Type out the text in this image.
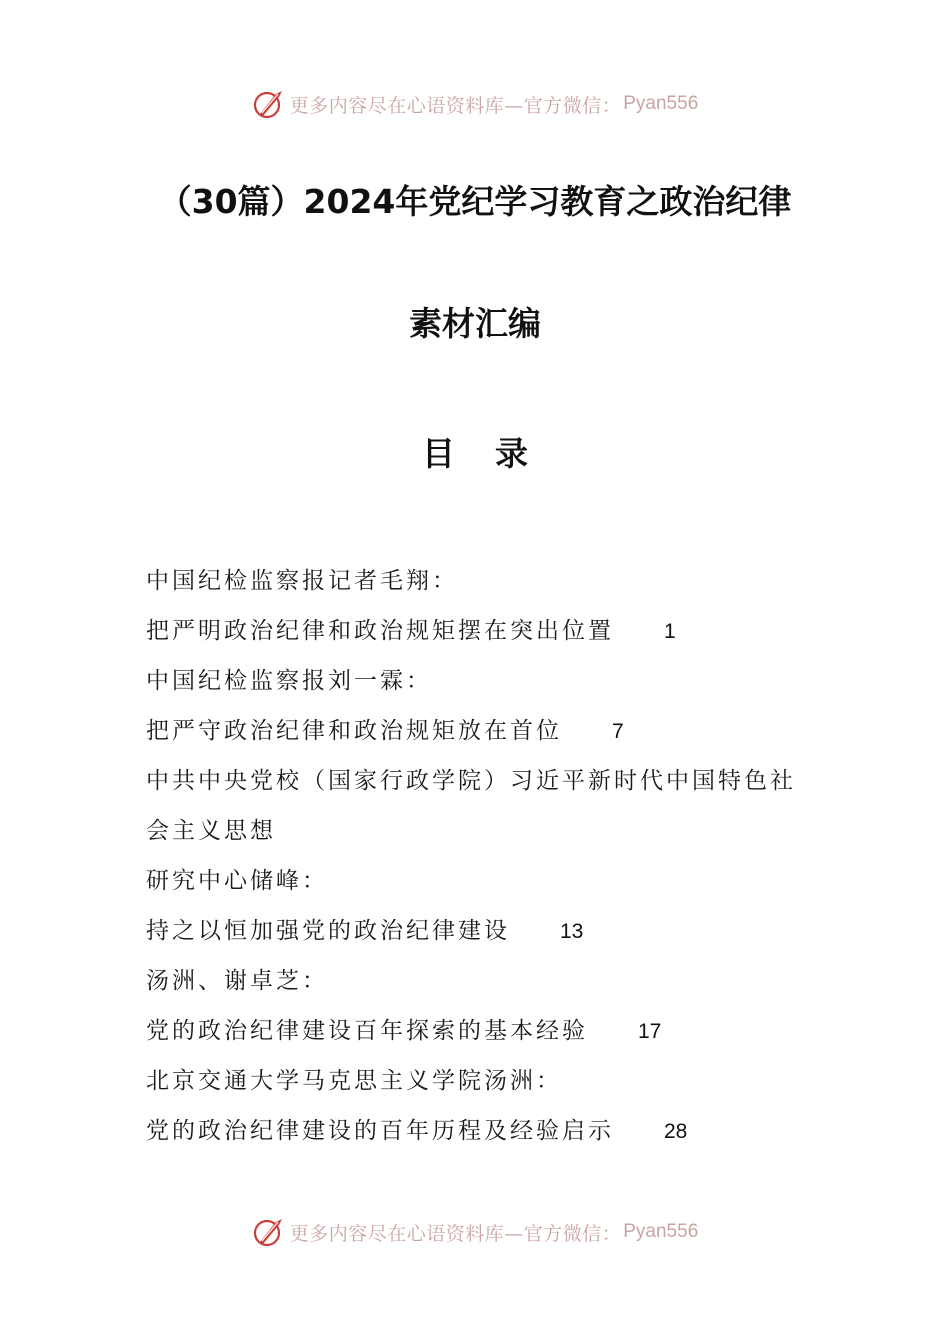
更多内容尽在心语资料库—官方微信： Pyan556
（30篇）2024年党纪学习教育之政治纪律
素材汇编
目 录
中国纪检监察报记者毛翔：
把严明政治纪律和政治规矩摆在突出位置 1
中国纪检监察报刘一霖：
把严守政治纪律和政治规矩放在首位 7
中共中央党校（国家行政学院）习近平新时代中国特色社
会主义思想
研究中心储峰：
持之以恒加强党的政治纪律建设 13
汤洲、谢卓芝：
党的政治纪律建设百年探索的基本经验 17
北京交通大学马克思主义学院汤洲：
党的政治纪律建设的百年历程及经验启示 28
更多内容尽在心语资料库—官方微信： Pyan556
